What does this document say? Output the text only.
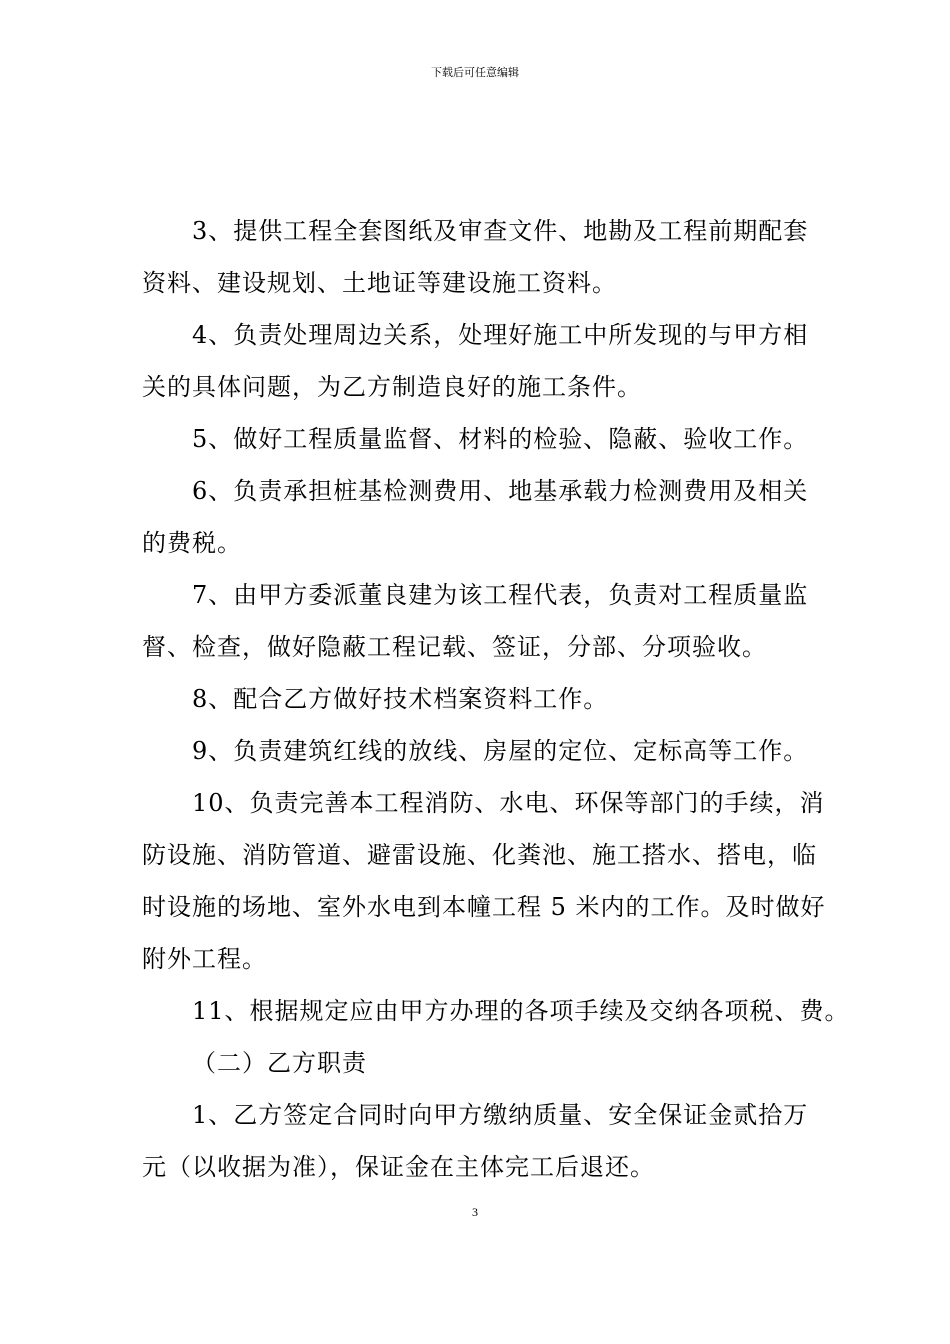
下载后可任意编辑
3、提供工程全套图纸及审查文件、地勘及工程前期配套
资料、建设规划、土地证等建设施工资料。
4、负责处理周边关系，处理好施工中所发现的与甲方相
关的具体问题，为乙方制造良好的施工条件。
5、做好工程质量监督、材料的检验、隐蔽、验收工作。
6、负责承担桩基检测费用、地基承载力检测费用及相关
的费税。
7、由甲方委派董良建为该工程代表，负责对工程质量监
督、检查，做好隐蔽工程记载、签证，分部、分项验收。
8、配合乙方做好技术档案资料工作。
9、负责建筑红线的放线、房屋的定位、定标高等工作。
10、负责完善本工程消防、水电、环保等部门的手续，消
防设施、消防管道、避雷设施、化粪池、施工搭水、搭电，临
时设施的场地、室外水电到本幢工程 5 米内的工作。及时做好
附外工程。
11、根据规定应由甲方办理的各项手续及交纳各项税、费。
（二）乙方职责
1、乙方签定合同时向甲方缴纳质量、安全保证金贰拾万
元（以收据为准），保证金在主体完工后退还。
3
